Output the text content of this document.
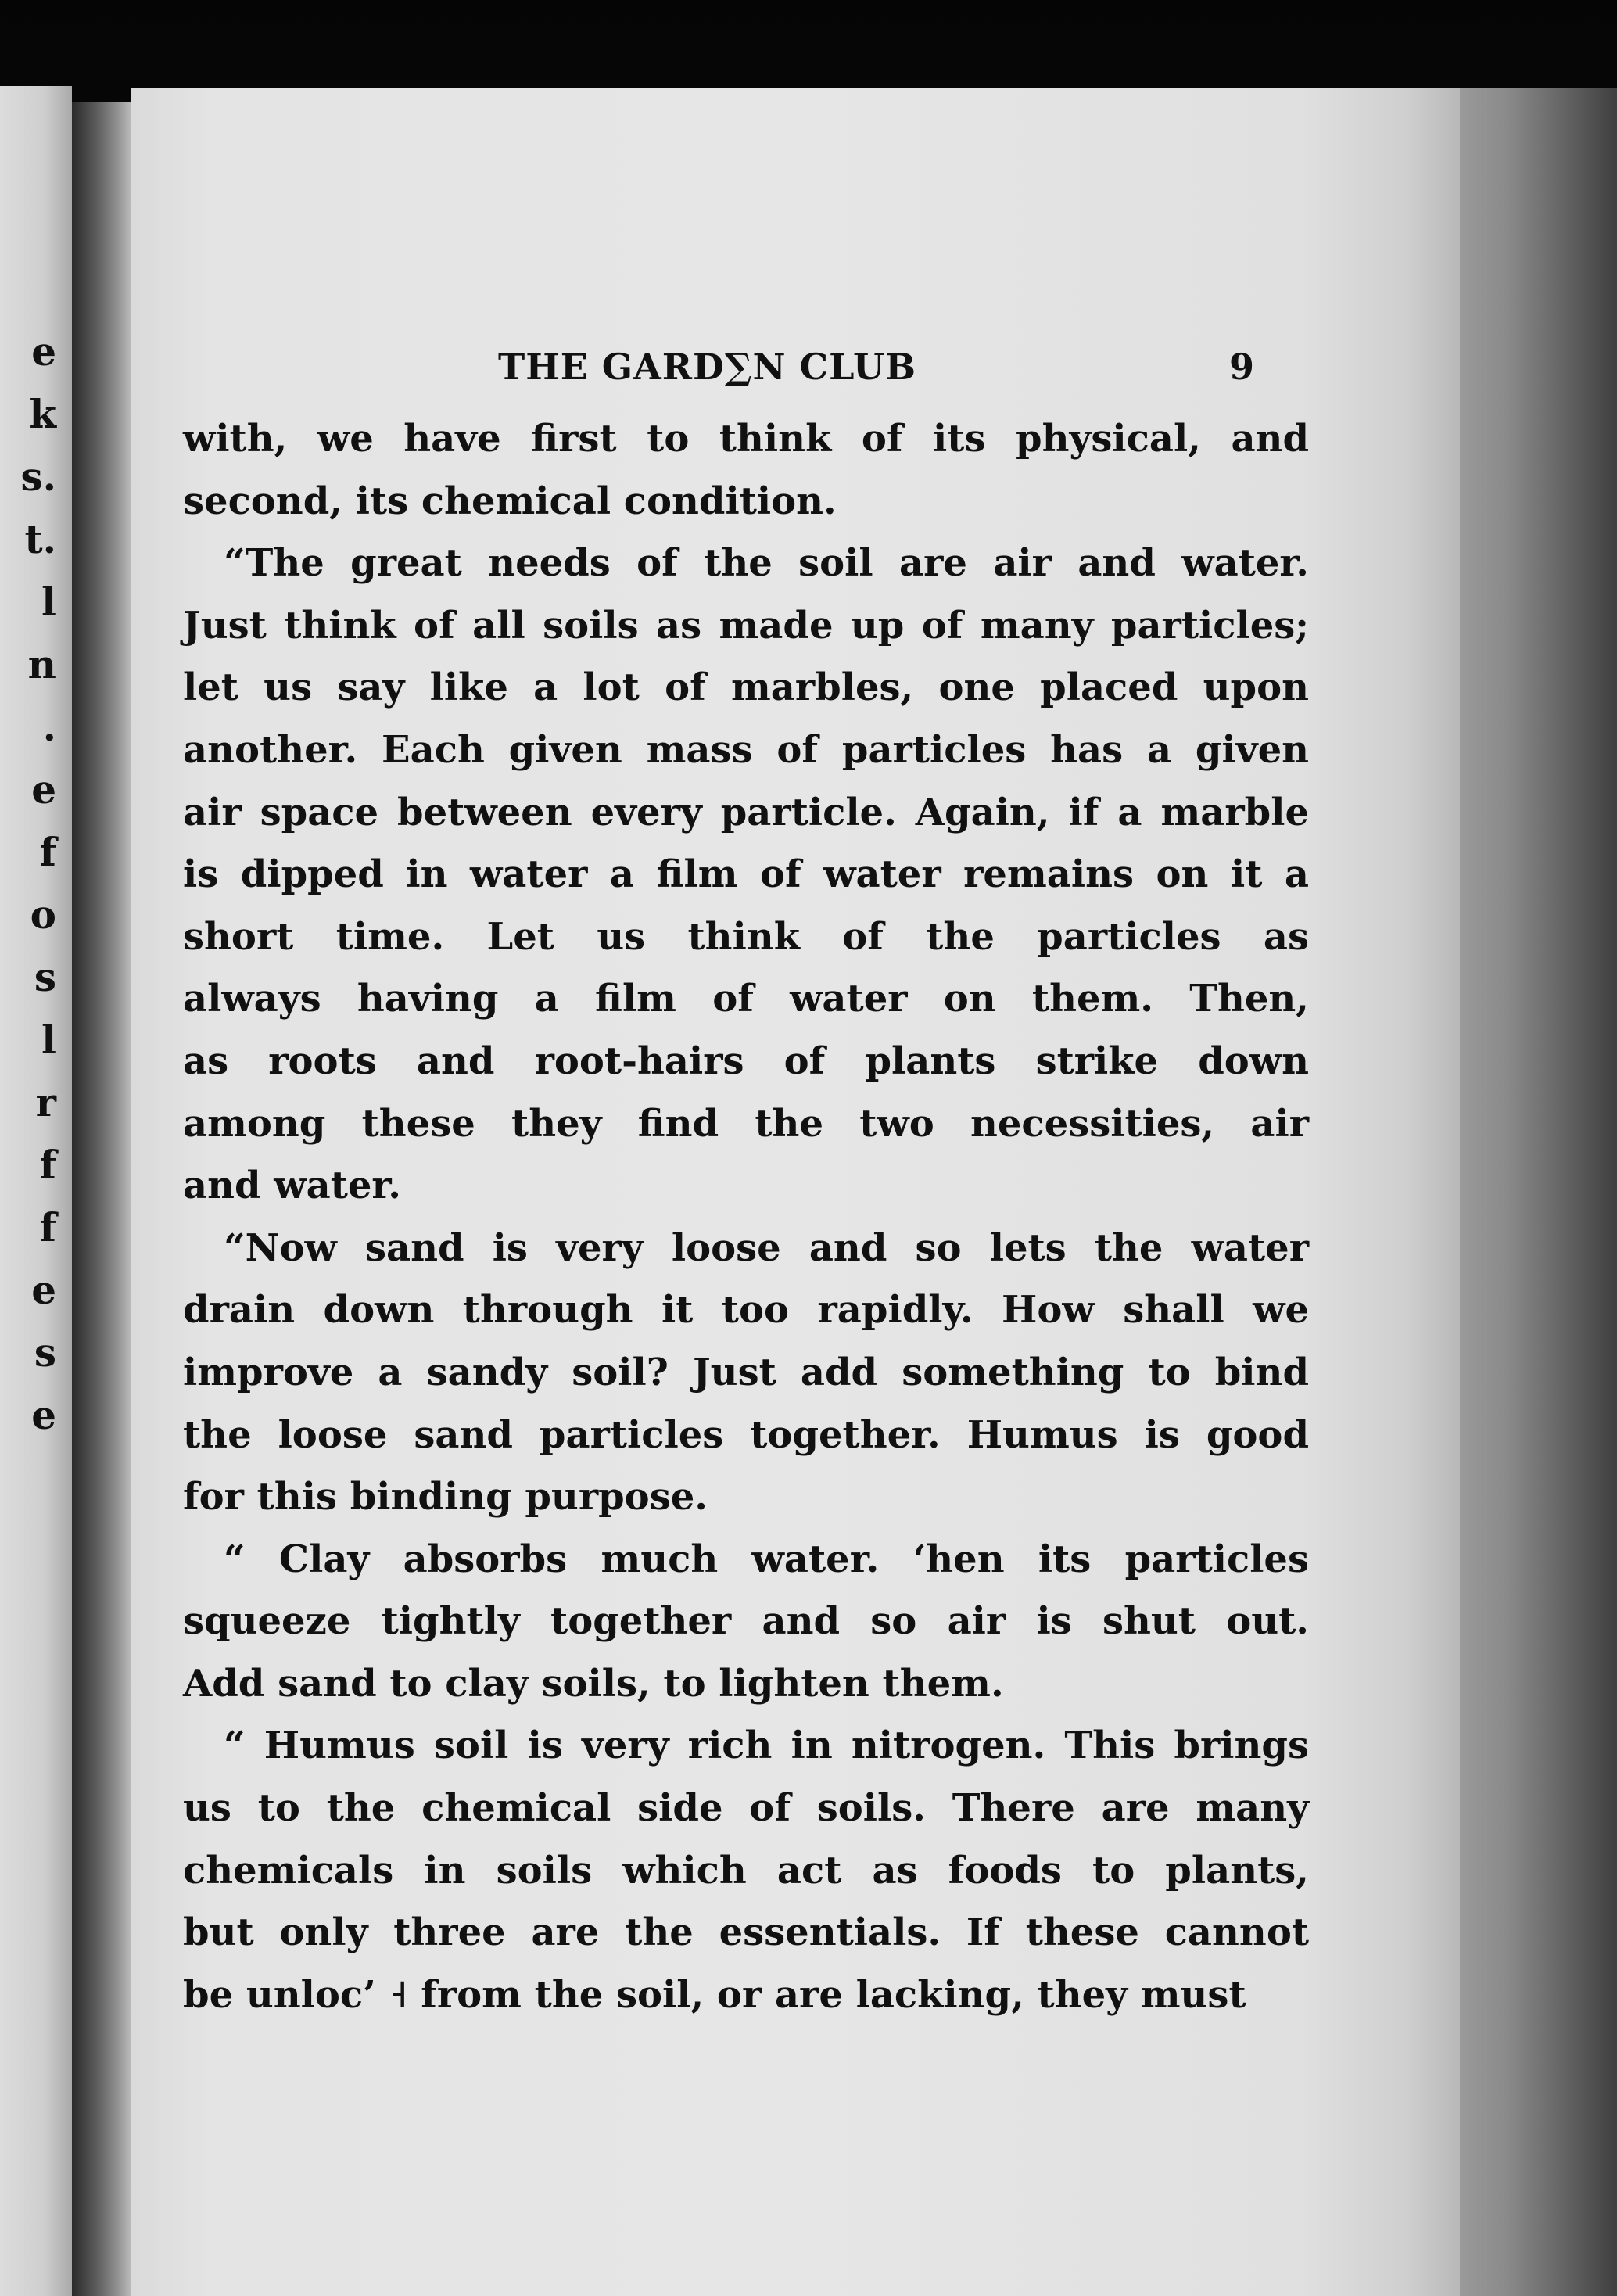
e
k
s.
t.
l
n
.
e
f
o
s
l
r
f
f
e
s
e
THE GARD∑N CLUB	9
with, we have first to think of its physical, and
second, its chemical condition.
“The great needs of the soil are air and water.
Just think of all soils as made up of many particles;
let us say like a lot of marbles, one placed upon
another. Each given mass of particles has a given
air space between every particle. Again, if a marble
is dipped in water a film of water remains on it a
short time. Let us think of the particles as
always having a film of water on them. Then,
as roots and root-hairs of plants strike down
among these they find the two necessities, air
and water.
“Now sand is very loose and so lets the water
drain down through it too rapidly. How shall we
improve a sandy soil? Just add something to bind
the loose sand particles together. Humus is good
for this binding purpose.
“ Clay absorbs much water. ʻhen its particles
squeeze tightly together and so air is shut out.
Add sand to clay soils, to lighten them.
“ Humus soil is very rich in nitrogen. This brings
us to the chemical side of soils. There are many
chemicals in soils which act as foods to plants,
but only three are the essentials. If these cannot
be unloc’ ˧ from the soil, or are lacking, they must
